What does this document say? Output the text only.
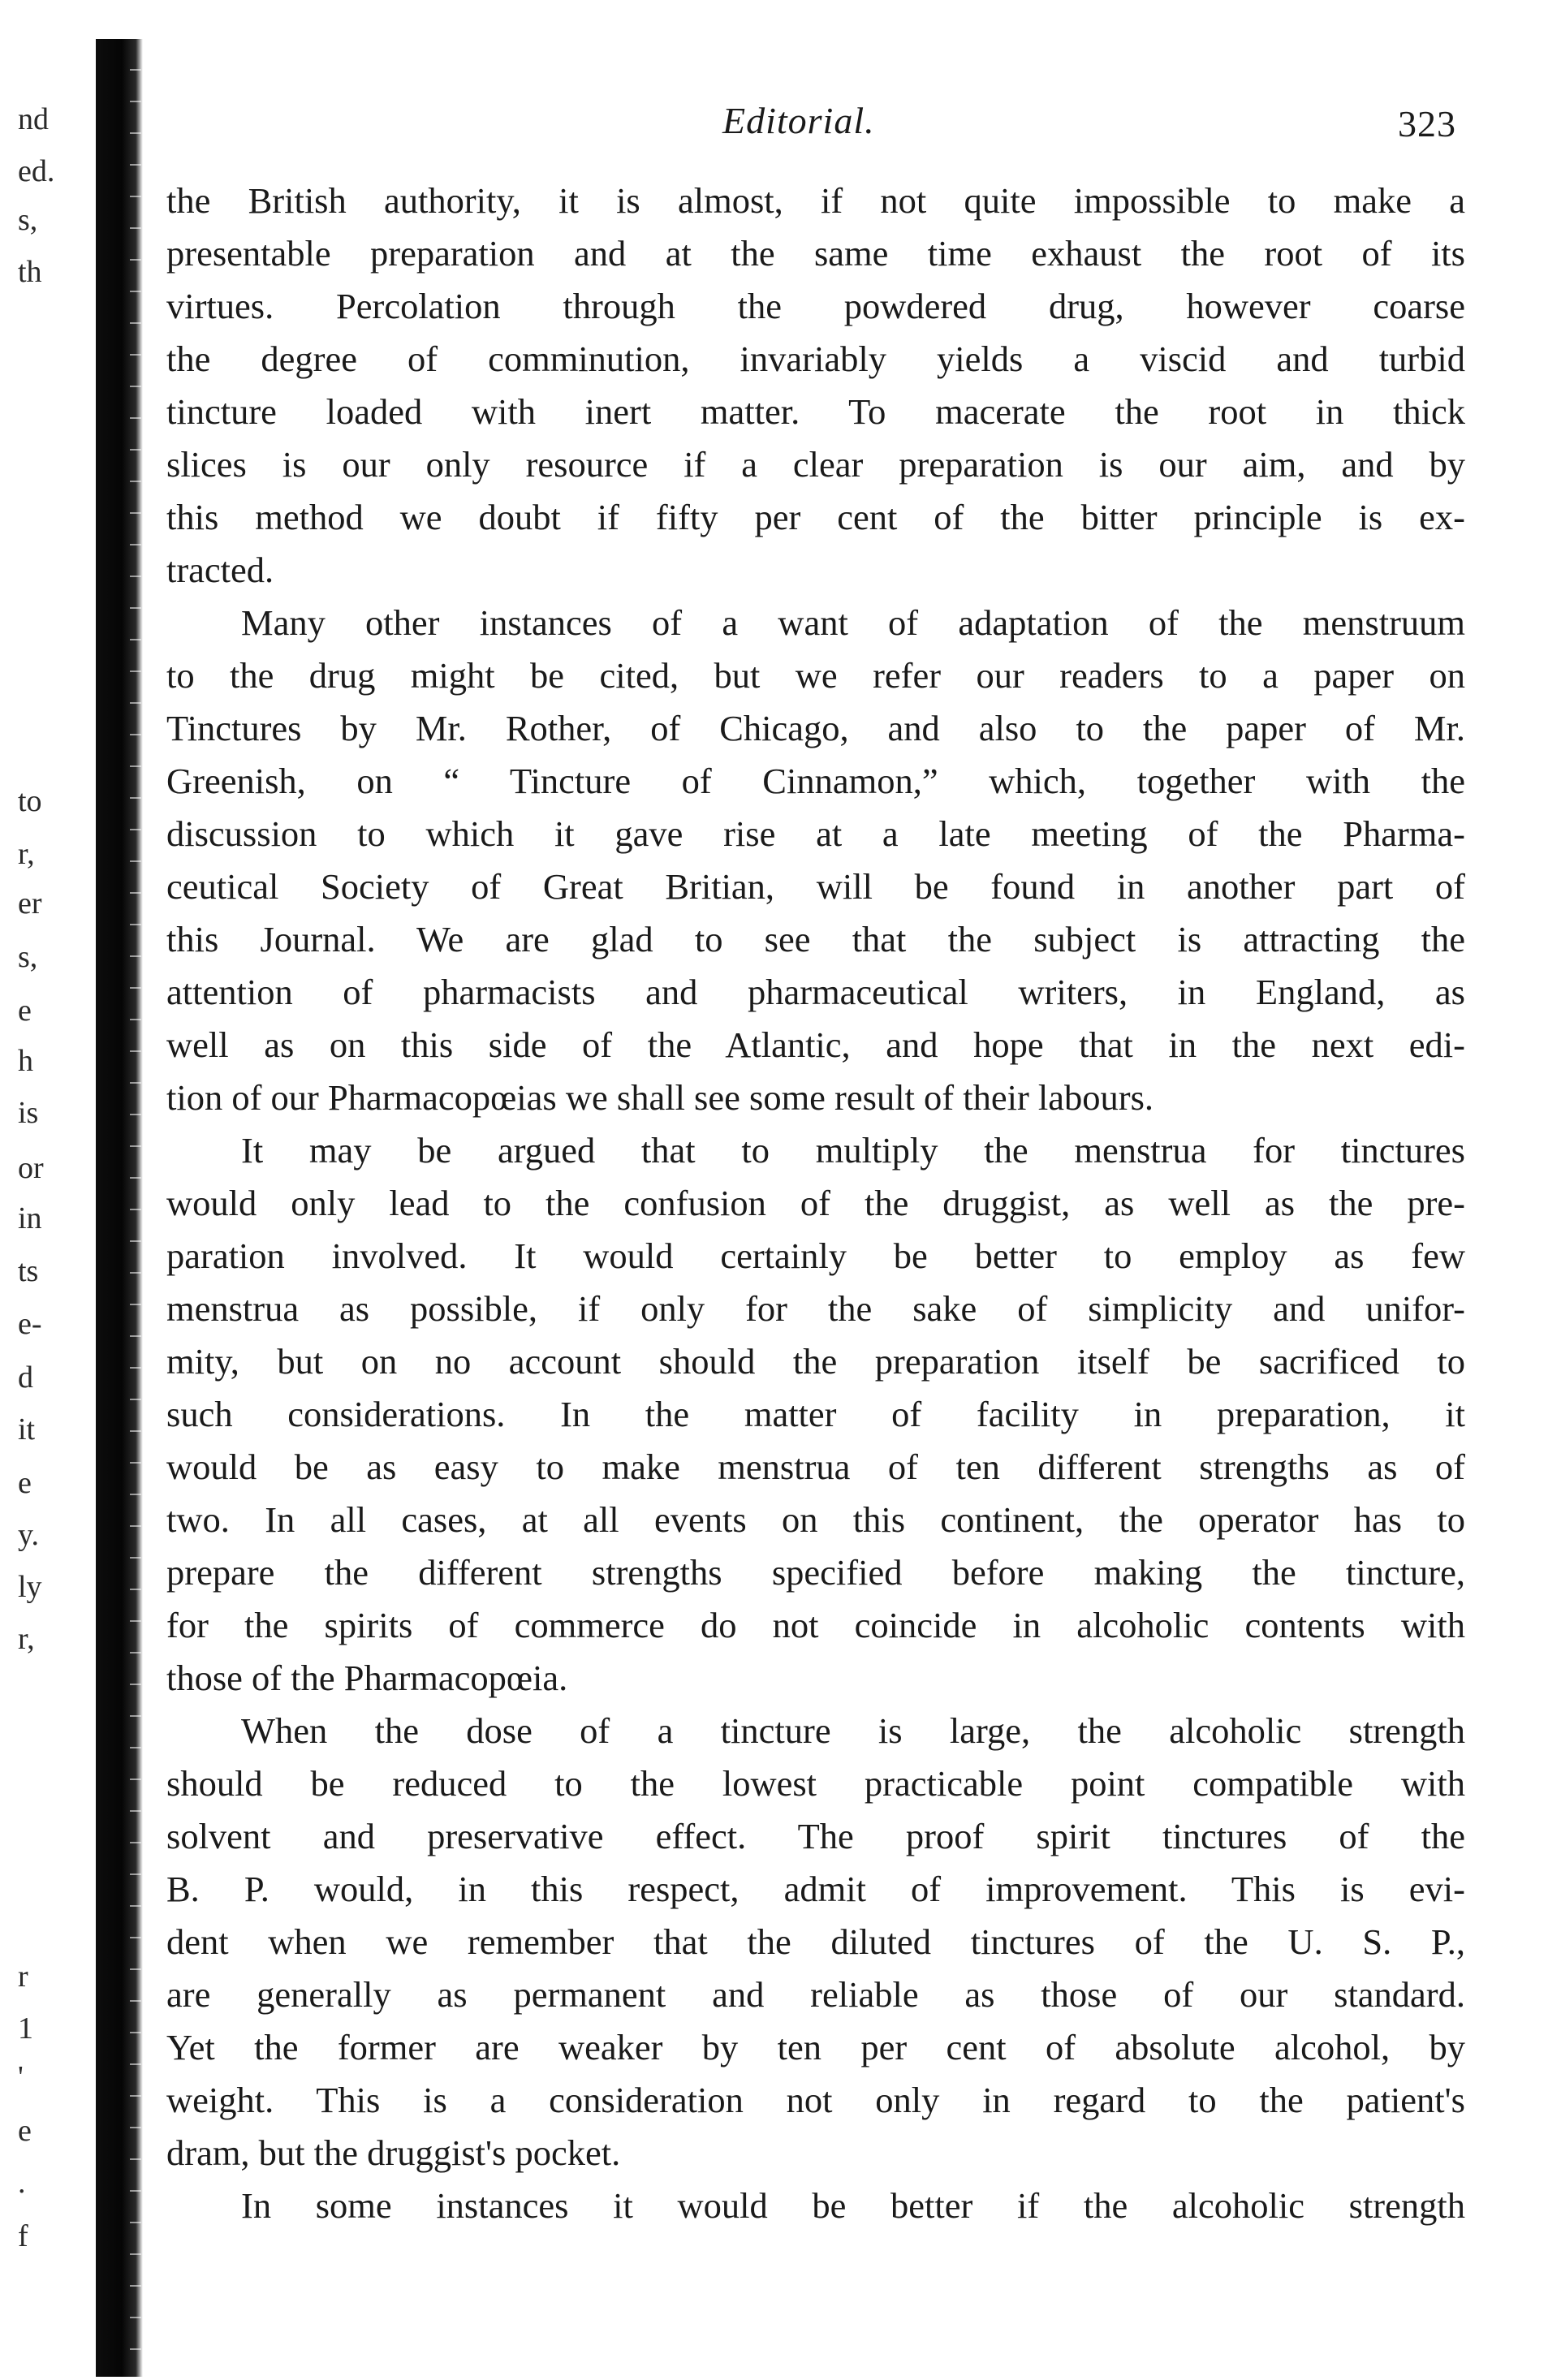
nd
ed.
s,
th
to
r,
er
s,
e
h
is
or
in
ts
e-
d
it
e
y.
ly
r,
r
1
'
e
.
f
Editorial.	323
the British authority, it is almost, if not quite impossible to make a
presentable preparation and at the same time exhaust the root of its
virtues. Percolation through the powdered drug, however coarse
the degree of comminution, invariably yields a viscid and turbid
tincture loaded with inert matter. To macerate the root in thick
slices is our only resource if a clear preparation is our aim, and by
this method we doubt if fifty per cent of the bitter principle is ex-
tracted.
Many other instances of a want of adaptation of the menstruum
to the drug might be cited, but we refer our readers to a paper on
Tinctures by Mr. Rother, of Chicago, and also to the paper of Mr.
Greenish, on “ Tincture of Cinnamon,” which, together with the
discussion to which it gave rise at a late meeting of the Pharma-
ceutical Society of Great Britian, will be found in another part of
this Journal. We are glad to see that the subject is attracting the
attention of pharmacists and pharmaceutical writers, in England, as
well as on this side of the Atlantic, and hope that in the next edi-
tion of our Pharmacopœias we shall see some result of their labours.
It may be argued that to multiply the menstrua for tinctures
would only lead to the confusion of the druggist, as well as the pre-
paration involved. It would certainly be better to employ as few
menstrua as possible, if only for the sake of simplicity and unifor-
mity, but on no account should the preparation itself be sacrificed to
such considerations. In the matter of facility in preparation, it
would be as easy to make menstrua of ten different strengths as of
two. In all cases, at all events on this continent, the operator has to
prepare the different strengths specified before making the tincture,
for the spirits of commerce do not coincide in alcoholic contents with
those of the Pharmacopœia.
When the dose of a tincture is large, the alcoholic strength
should be reduced to the lowest practicable point compatible with
solvent and preservative effect. The proof spirit tinctures of the
B. P. would, in this respect, admit of improvement. This is evi-
dent when we remember that the diluted tinctures of the U. S. P.,
are generally as permanent and reliable as those of our standard.
Yet the former are weaker by ten per cent of absolute alcohol, by
weight. This is a consideration not only in regard to the patient's
dram, but the druggist's pocket.
In some instances it would be better if the alcoholic strength
